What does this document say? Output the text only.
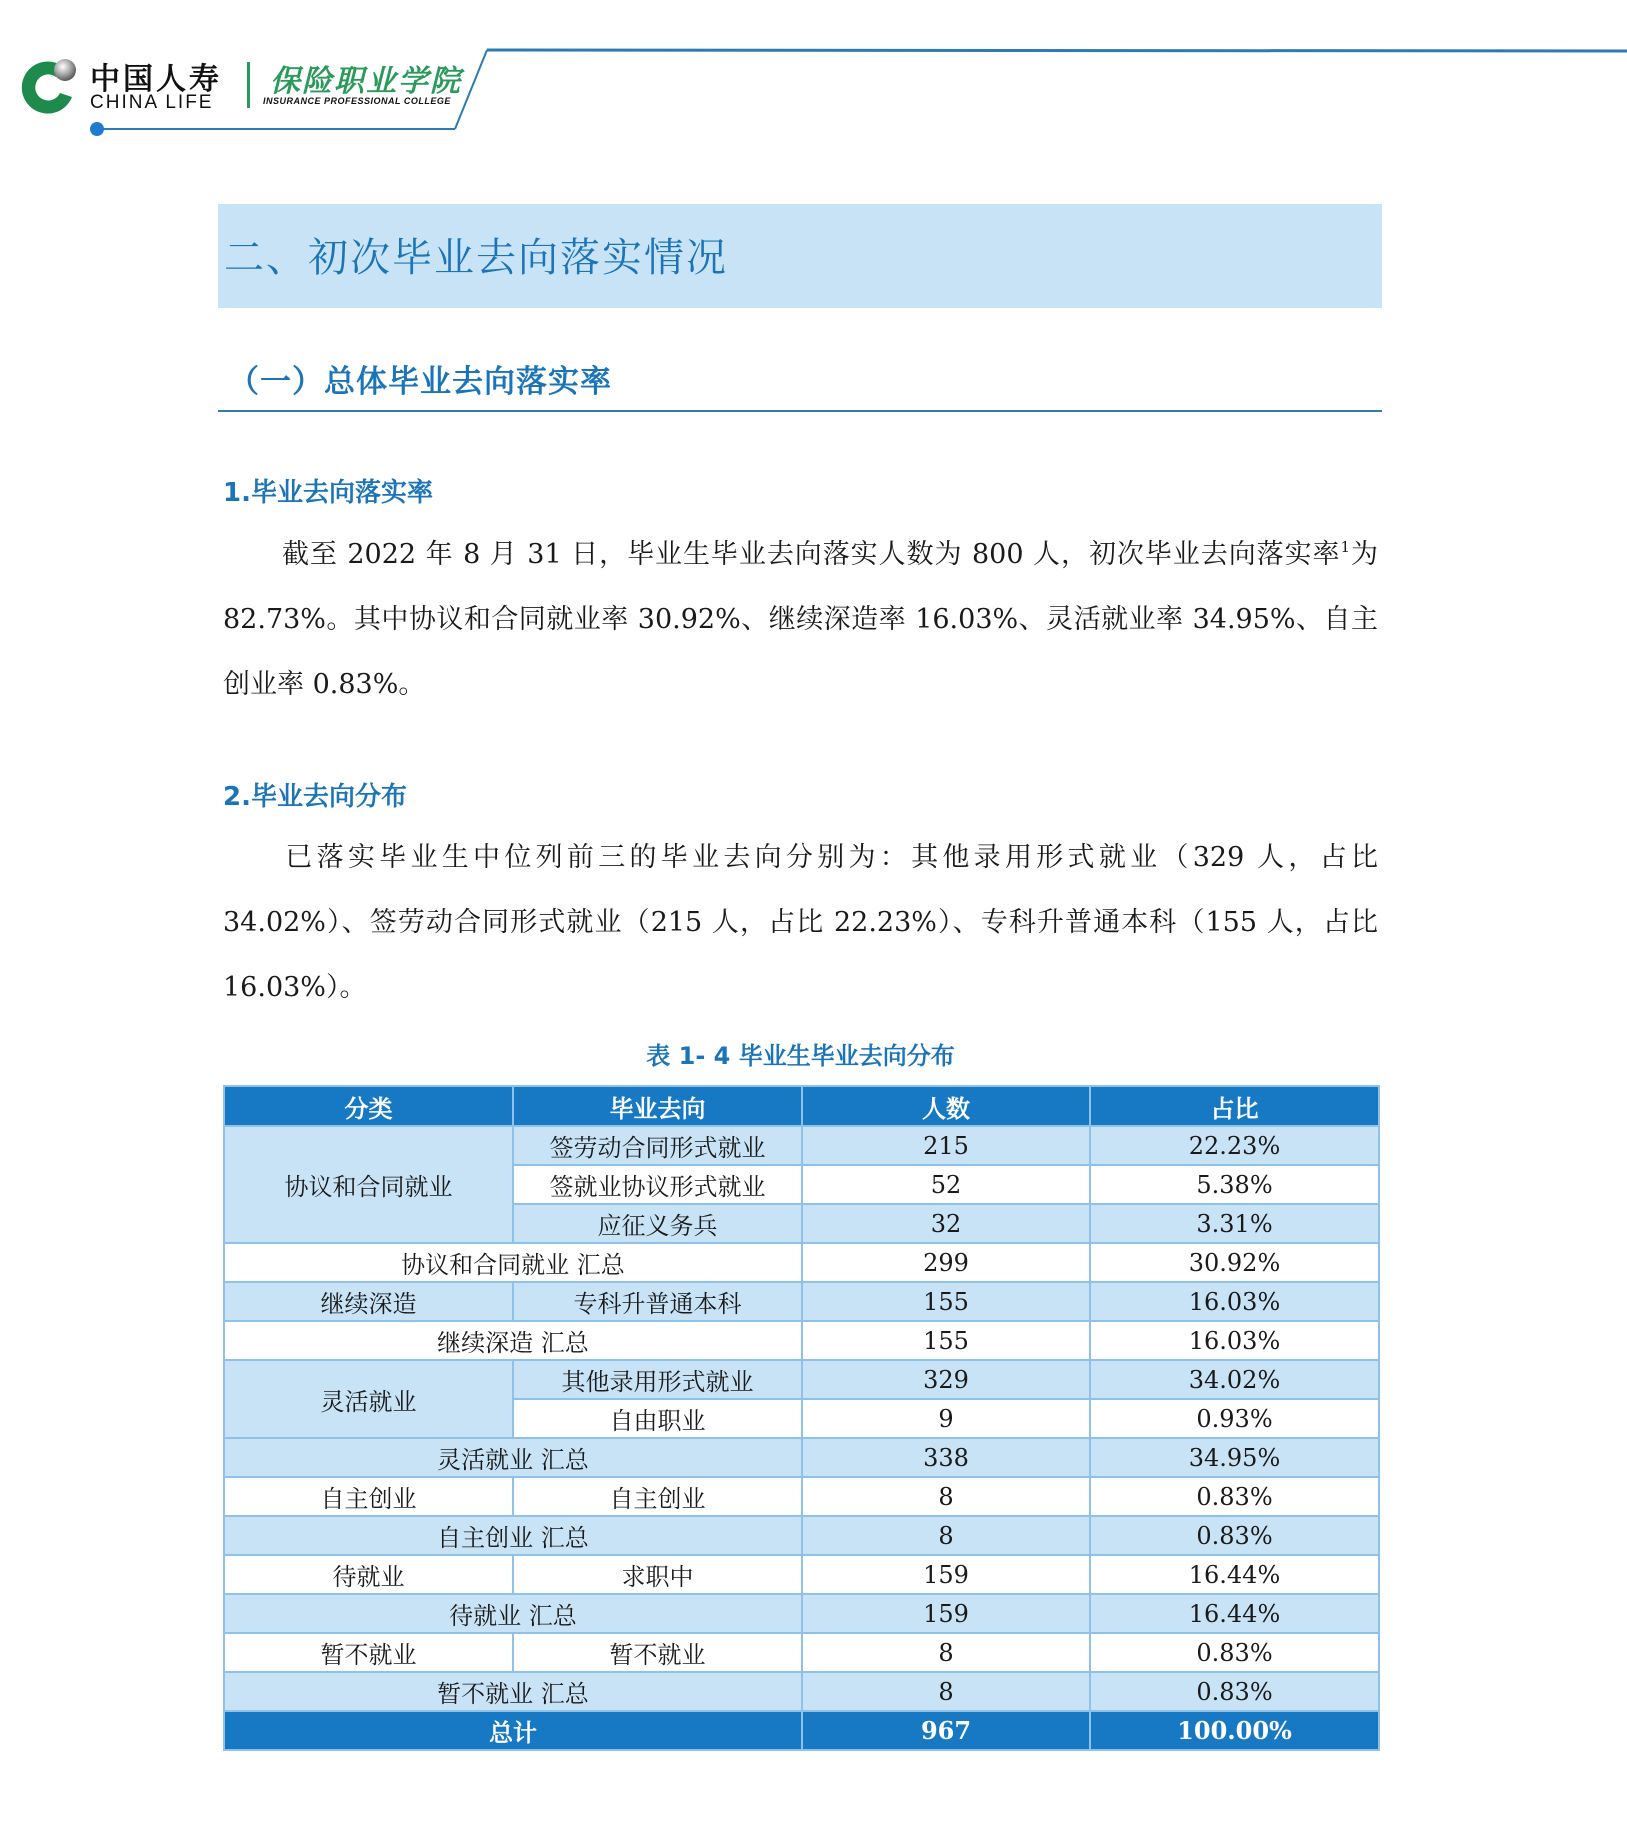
中国人寿
CHINA LIFE
保险职业学院
INSURANCE PROFESSIONAL COLLEGE
二、初次毕业去向落实情况
（一）总体毕业去向落实率
1.毕业去向落实率
截至 2022 年 8 月 31 日，毕业生毕业去向落实人数为 800 人，初次毕业去向落实率$^1$为 82.73%。其中协议和合同就业率 30.92%、继续深造率 16.03%、灵活就业率 34.95%、自主创业率 0.83%。
2.毕业去向分布
已落实毕业生中位列前三的毕业去向分别为：其他录用形式就业（329 人，占比 34.02%）、签劳动合同形式就业（215 人，占比 22.23%）、专科升普通本科（155 人，占比 16.03%）。
表 1- 4 毕业生毕业去向分布
分类	毕业去向	人数	占比
协议和合同就业	签劳动合同形式就业	215	22.23%
	签就业协议形式就业	52	5.38%
	应征义务兵	32	3.31%
协议和合同就业 汇总		299	30.92%
继续深造	专科升普通本科	155	16.03%
继续深造 汇总		155	16.03%
灵活就业	其他录用形式就业	329	34.02%
	自由职业	9	0.93%
灵活就业 汇总		338	34.95%
自主创业	自主创业	8	0.83%
自主创业 汇总		8	0.83%
待就业	求职中	159	16.44%
待就业 汇总		159	16.44%
暂不就业	暂不就业	8	0.83%
暂不就业 汇总		8	0.83%
总计		967	100.00%
